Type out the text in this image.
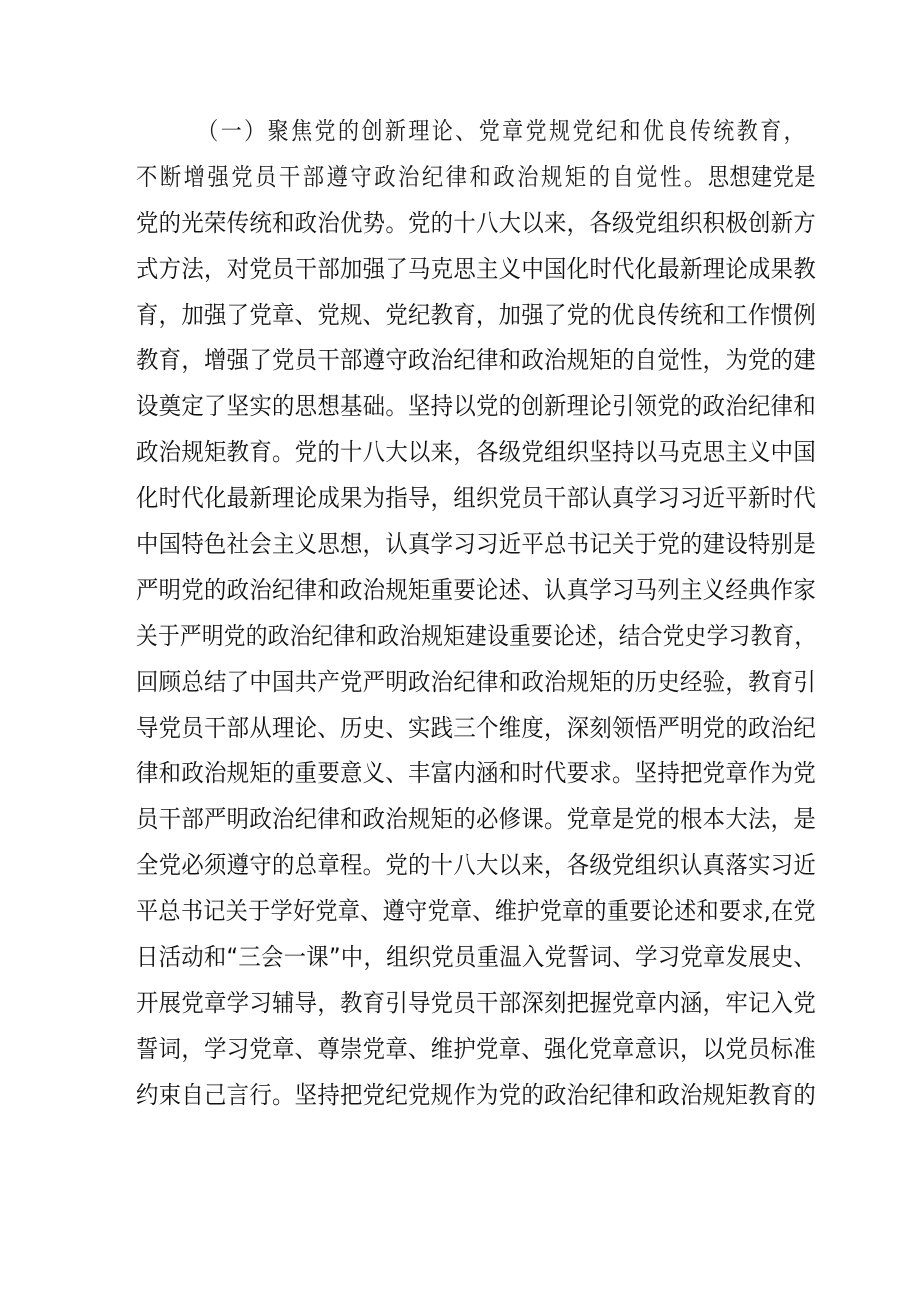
（一）聚焦党的创新理论、党章党规党纪和优良传统教育，
不断增强党员干部遵守政治纪律和政治规矩的自觉性。思想建党是
党的光荣传统和政治优势。党的十八大以来，各级党组织积极创新方
式方法，对党员干部加强了马克思主义中国化时代化最新理论成果教
育，加强了党章、党规、党纪教育，加强了党的优良传统和工作惯例
教育，增强了党员干部遵守政治纪律和政治规矩的自觉性，为党的建
设奠定了坚实的思想基础。坚持以党的创新理论引领党的政治纪律和
政治规矩教育。党的十八大以来，各级党组织坚持以马克思主义中国
化时代化最新理论成果为指导，组织党员干部认真学习习近平新时代
中国特色社会主义思想，认真学习习近平总书记关于党的建设特别是
严明党的政治纪律和政治规矩重要论述、认真学习马列主义经典作家
关于严明党的政治纪律和政治规矩建设重要论述，结合党史学习教育，
回顾总结了中国共产党严明政治纪律和政治规矩的历史经验，教育引
导党员干部从理论、历史、实践三个维度，深刻领悟严明党的政治纪
律和政治规矩的重要意义、丰富内涵和时代要求。坚持把党章作为党
员干部严明政治纪律和政治规矩的必修课。党章是党的根本大法，是
全党必须遵守的总章程。党的十八大以来，各级党组织认真落实习近
平总书记关于学好党章、遵守党章、维护党章的重要论述和要求,在党
日活动和“三会一课”中，组织党员重温入党誓词、学习党章发展史、
开展党章学习辅导，教育引导党员干部深刻把握党章内涵，牢记入党
誓词，学习党章、尊崇党章、维护党章、强化党章意识，以党员标准
约束自己言行。坚持把党纪党规作为党的政治纪律和政治规矩教育的
